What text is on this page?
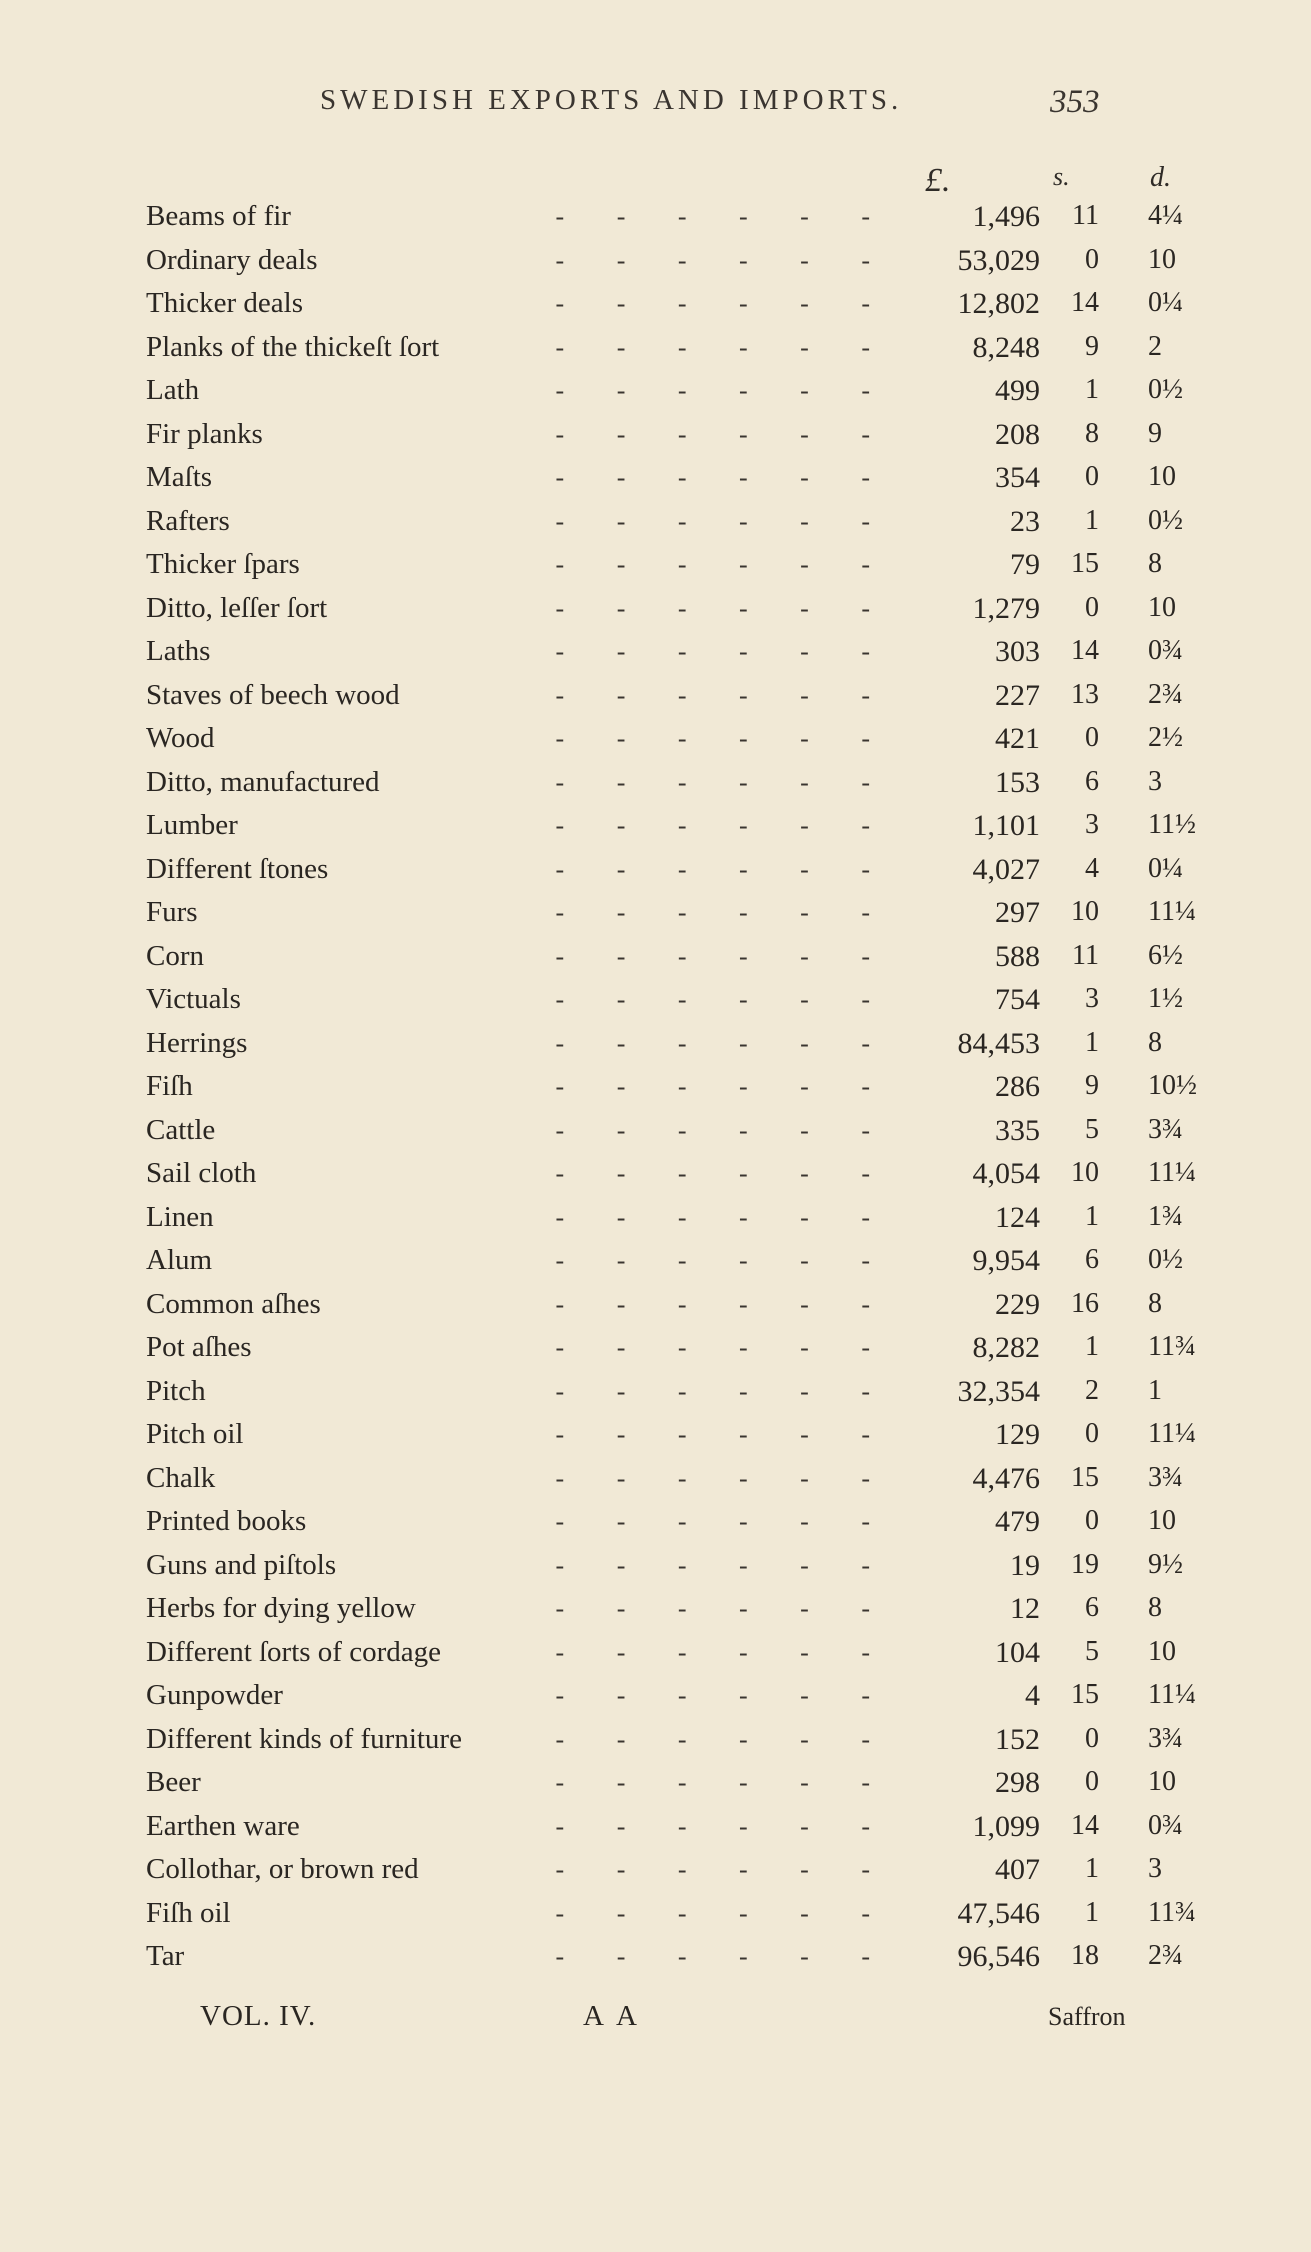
SWEDISH EXPORTS AND IMPORTS.	353
£.	s.	d.
Beams of fir	- - - - - -	1,496	11 4¼
Ordinary deals	- - - - - -	53,029	0 10
Thicker deals	- - - - - -	12,802	14 0¼
Planks of the thickeſt ſort	- - - - - -	8,248	9 2
Lath	- - - - - -	499	1 0½
Fir planks	- - - - - -	208	8 9
Maſts	- - - - - -	354	0 10
Rafters	- - - - - -	23	1 0½
Thicker ſpars	- - - - - -	79	15 8
Ditto, leſſer ſort	- - - - - -	1,279	0 10
Laths	- - - - - -	303	14 0¾
Staves of beech wood	- - - - - -	227	13 2¾
Wood	- - - - - -	421	0 2½
Ditto, manufactured	- - - - - -	153	6 3
Lumber	- - - - - -	1,101	3 11½
Different ſtones	- - - - - -	4,027	4 0¼
Furs	- - - - - -	297	10 11¼
Corn	- - - - - -	588	11 6½
Victuals	- - - - - -	754	3 1½
Herrings	- - - - - -	84,453	1 8
Fiſh	- - - - - -	286	9 10½
Cattle	- - - - - -	335	5 3¾
Sail cloth	- - - - - -	4,054	10 11¼
Linen	- - - - - -	124	1 1¾
Alum	- - - - - -	9,954	6 0½
Common aſhes	- - - - - -	229	16 8
Pot aſhes	- - - - - -	8,282	1 11¾
Pitch	- - - - - -	32,354	2 1
Pitch oil	- - - - - -	129	0 11¼
Chalk	- - - - - -	4,476	15 3¾
Printed books	- - - - - -	479	0 10
Guns and piſtols	- - - - - -	19	19 9½
Herbs for dying yellow	- - - - - -	12	6 8
Different ſorts of cordage	- - - - - -	104	5 10
Gunpowder	- - - - - -	4	15 11¼
Different kinds of furniture	- - - - - -	152	0 3¾
Beer	- - - - - -	298	0 10
Earthen ware	- - - - - -	1,099	14 0¾
Collothar, or brown red	- - - - - -	407	1 3
Fiſh oil	- - - - - -	47,546	1 11¾
Tar	- - - - - -	96,546	18 2¾
VOL. IV.	A A	Saffron
